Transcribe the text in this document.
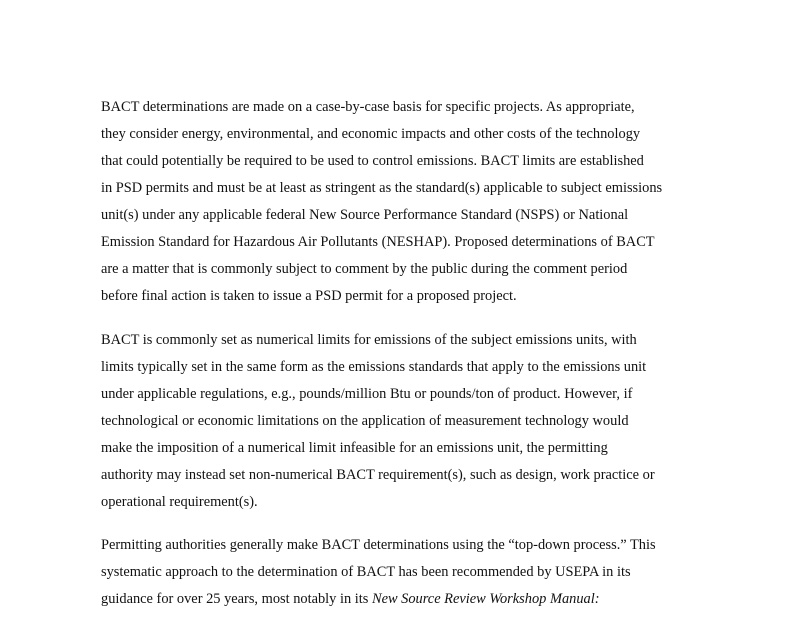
BACT determinations are made on a case-by-case basis for specific projects. As appropriate,
they consider energy, environmental, and economic impacts and other costs of the technology
that could potentially be required to be used to control emissions. BACT limits are established
in PSD permits and must be at least as stringent as the standard(s) applicable to subject emissions
unit(s) under any applicable federal New Source Performance Standard (NSPS) or National
Emission Standard for Hazardous Air Pollutants (NESHAP). Proposed determinations of BACT
are a matter that is commonly subject to comment by the public during the comment period
before final action is taken to issue a PSD permit for a proposed project.
BACT is commonly set as numerical limits for emissions of the subject emissions units, with
limits typically set in the same form as the emissions standards that apply to the emissions unit
under applicable regulations, e.g., pounds/million Btu or pounds/ton of product. However, if
technological or economic limitations on the application of measurement technology would
make the imposition of a numerical limit infeasible for an emissions unit, the permitting
authority may instead set non-numerical BACT requirement(s), such as design, work practice or
operational requirement(s).
Permitting authorities generally make BACT determinations using the “top-down process.” This
systematic approach to the determination of BACT has been recommended by USEPA in its
guidance for over 25 years, most notably in its New Source Review Workshop Manual:
